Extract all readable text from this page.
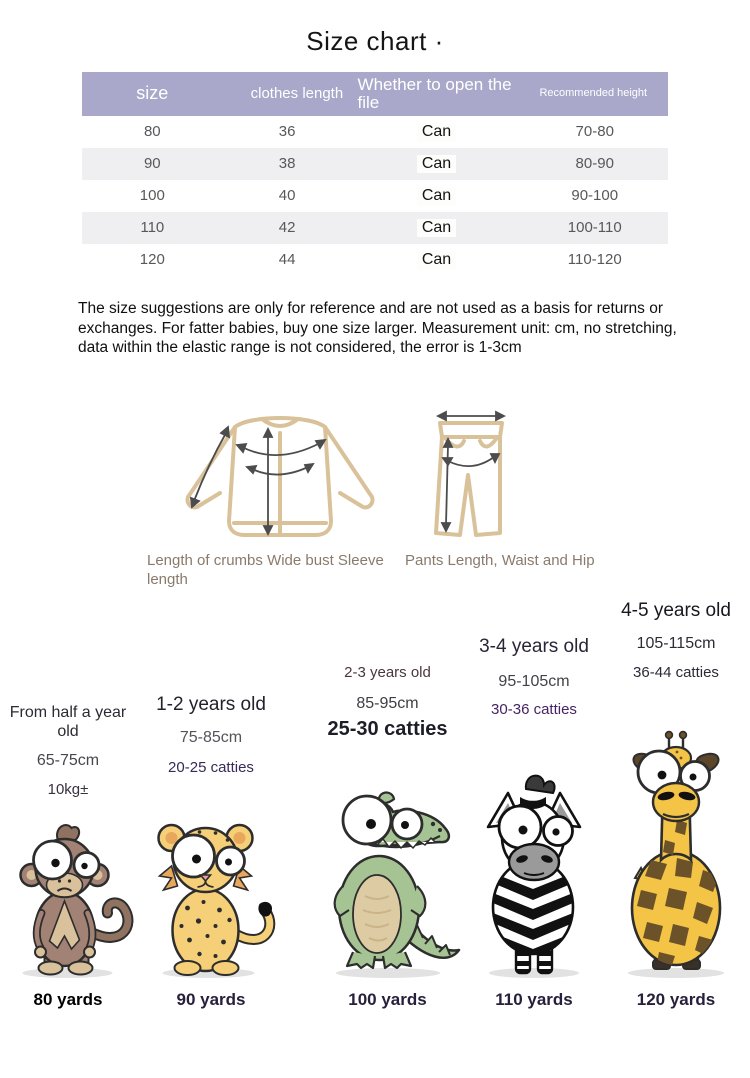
Size chart ·
size	clothes length	Whether to open the file	Recommended height
80	36	Can	70-80
90	38	Can	80-90
100	40	Can	90-100
110	42	Can	100-110
120	44	Can	110-120

The size suggestions are only for reference and are not used as a basis for returns or exchanges. For fatter babies, buy one size larger. Measurement unit: cm, no stretching, data within the elastic range is not considered, the error is 1-3cm

Length of crumbs Wide bust Sleeve length
Pants Length, Waist and Hip
From half a year old
65-75cm
10kg±
80 yards
1-2 years old
75-85cm
20-25 catties
90 yards
2-3 years old
85-95cm
25-30 catties
100 yards
3-4 years old
95-105cm
30-36 catties
110 yards
4-5 years old
105-115cm
36-44 catties
120 yards
